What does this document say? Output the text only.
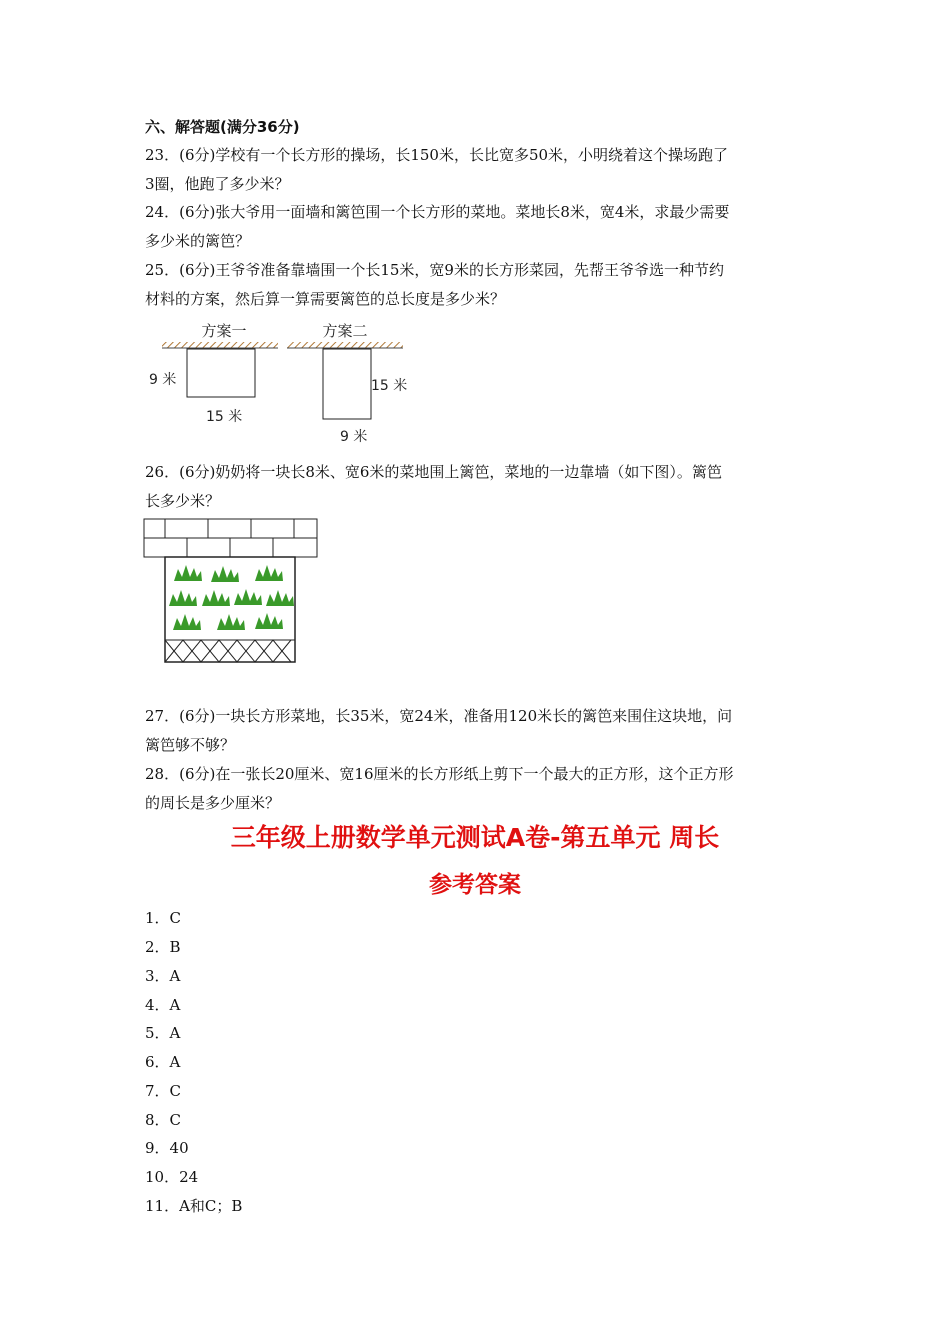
六、解答题(满分36分)
23．(6分)学校有一个长方形的操场，长150米，长比宽多50米，小明绕着这个操场跑了
3圈，他跑了多少米？
24．(6分)张大爷用一面墙和篱笆围一个长方形的菜地。菜地长8米，宽4米，求最少需要
多少米的篱笆？
25．(6分)王爷爷准备靠墙围一个长15米，宽9米的长方形菜园，先帮王爷爷选一种节约
材料的方案，然后算一算需要篱笆的总长度是多少米？
方案一
9 米
15 米
方案二
15 米
9 米
26．(6分)奶奶将一块长8米、宽6米的菜地围上篱笆，菜地的一边靠墙（如下图）。篱笆
长多少米？
27．(6分)一块长方形菜地，长35米，宽24米，准备用120米长的篱笆来围住这块地，问
篱笆够不够？
28．(6分)在一张长20厘米、宽16厘米的长方形纸上剪下一个最大的正方形，这个正方形
的周长是多少厘米？
三年级上册数学单元测试A卷-第五单元 周长
参考答案
1．C
2．B
3．A
4．A
5．A
6．A
7．C
8．C
9．40
10．24
11．A和C；B
